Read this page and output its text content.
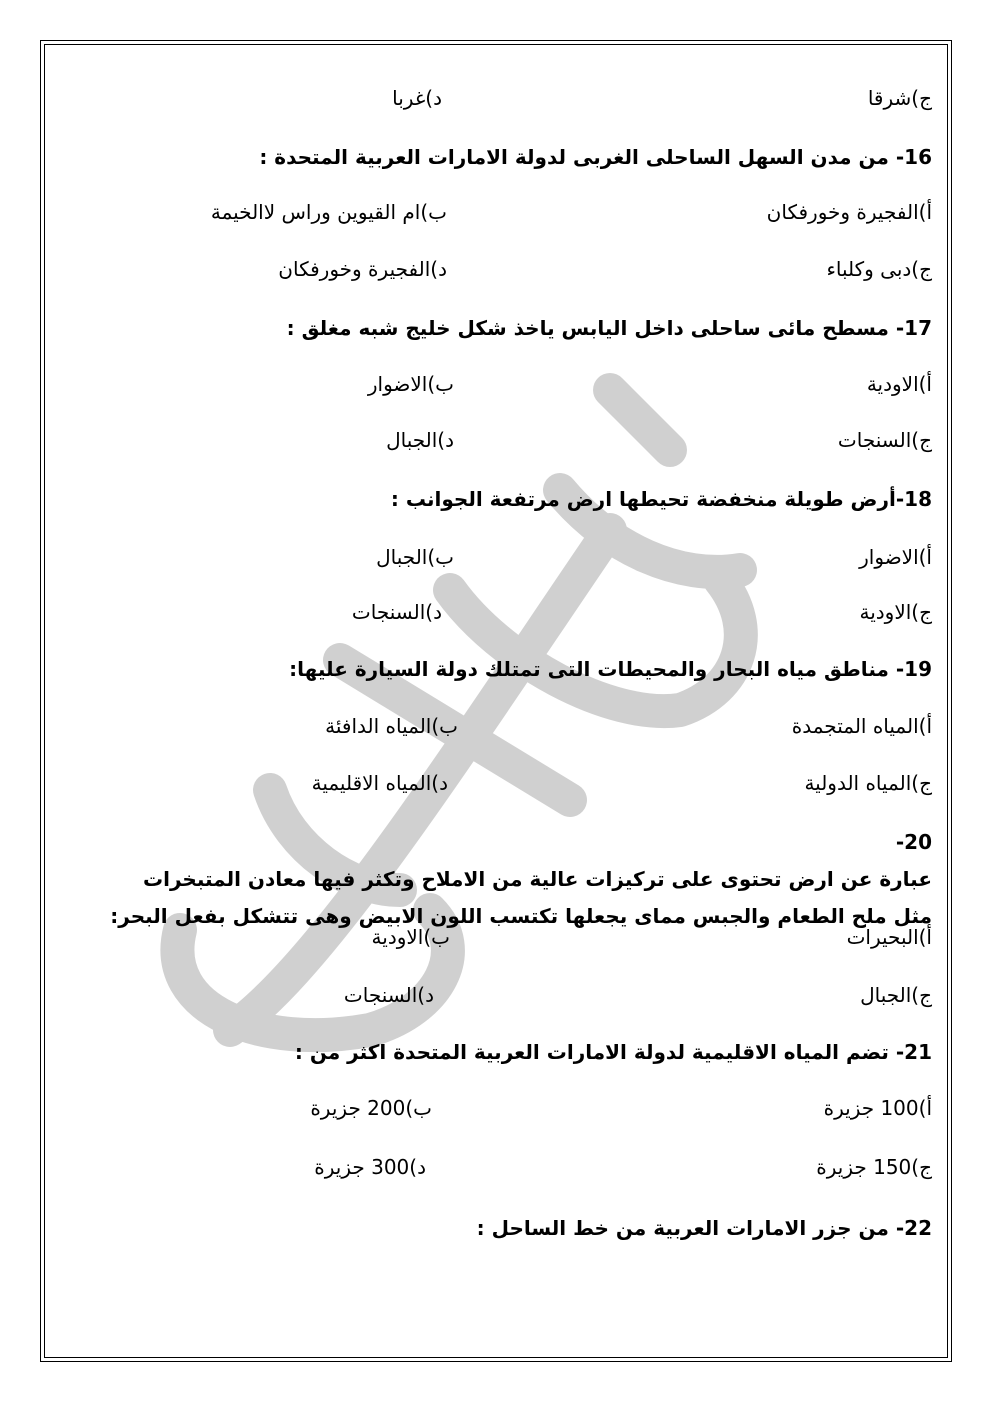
ج)شرقا
د)غربا
16- من مدن السهل الساحلى الغربى لدولة الامارات العربية المتحدة :
أ)الفجيرة وخورفكان
ب)ام القيوين وراس لاالخيمة
ج)دبى وكلباء
د)الفجيرة وخورفكان
17- مسطح مائى ساحلى داخل اليابس ياخذ شكل خليج شبه مغلق :
أ)الاودية
ب)الاضوار
ج)السنجات
د)الجبال
18-أرض طويلة منخفضة تحيطها ارض مرتفعة الجوانب :
أ)الاضوار
ب)الجبال
ج)الاودية
د)السنجات
19- مناطق مياه البحار والمحيطات التى تمتلك دولة السيارة عليها:
أ)المياه المتجمدة
ب)المياه الدافئة
ج)المياه الدولية
د)المياه الاقليمية
20-
عبارة عن ارض تحتوى على تركيزات عالية من الاملاح وتكثر فيها معادن المتبخرات
مثل ملح الطعام والجبس ممای يجعلها تكتسب اللون الابيض وهى تتشكل بفعل البحر:
أ)البحيرات
ب)الاودية
ج)الجبال
د)السنجات
21- تضم المياه الاقليمية لدولة الامارات العربية المتحدة اكثر من :
أ)100 جزيرة
ب)200 جزيرة
ج)150 جزيرة
د)300 جزيرة
22- من جزر الامارات العربية من خط الساحل :
